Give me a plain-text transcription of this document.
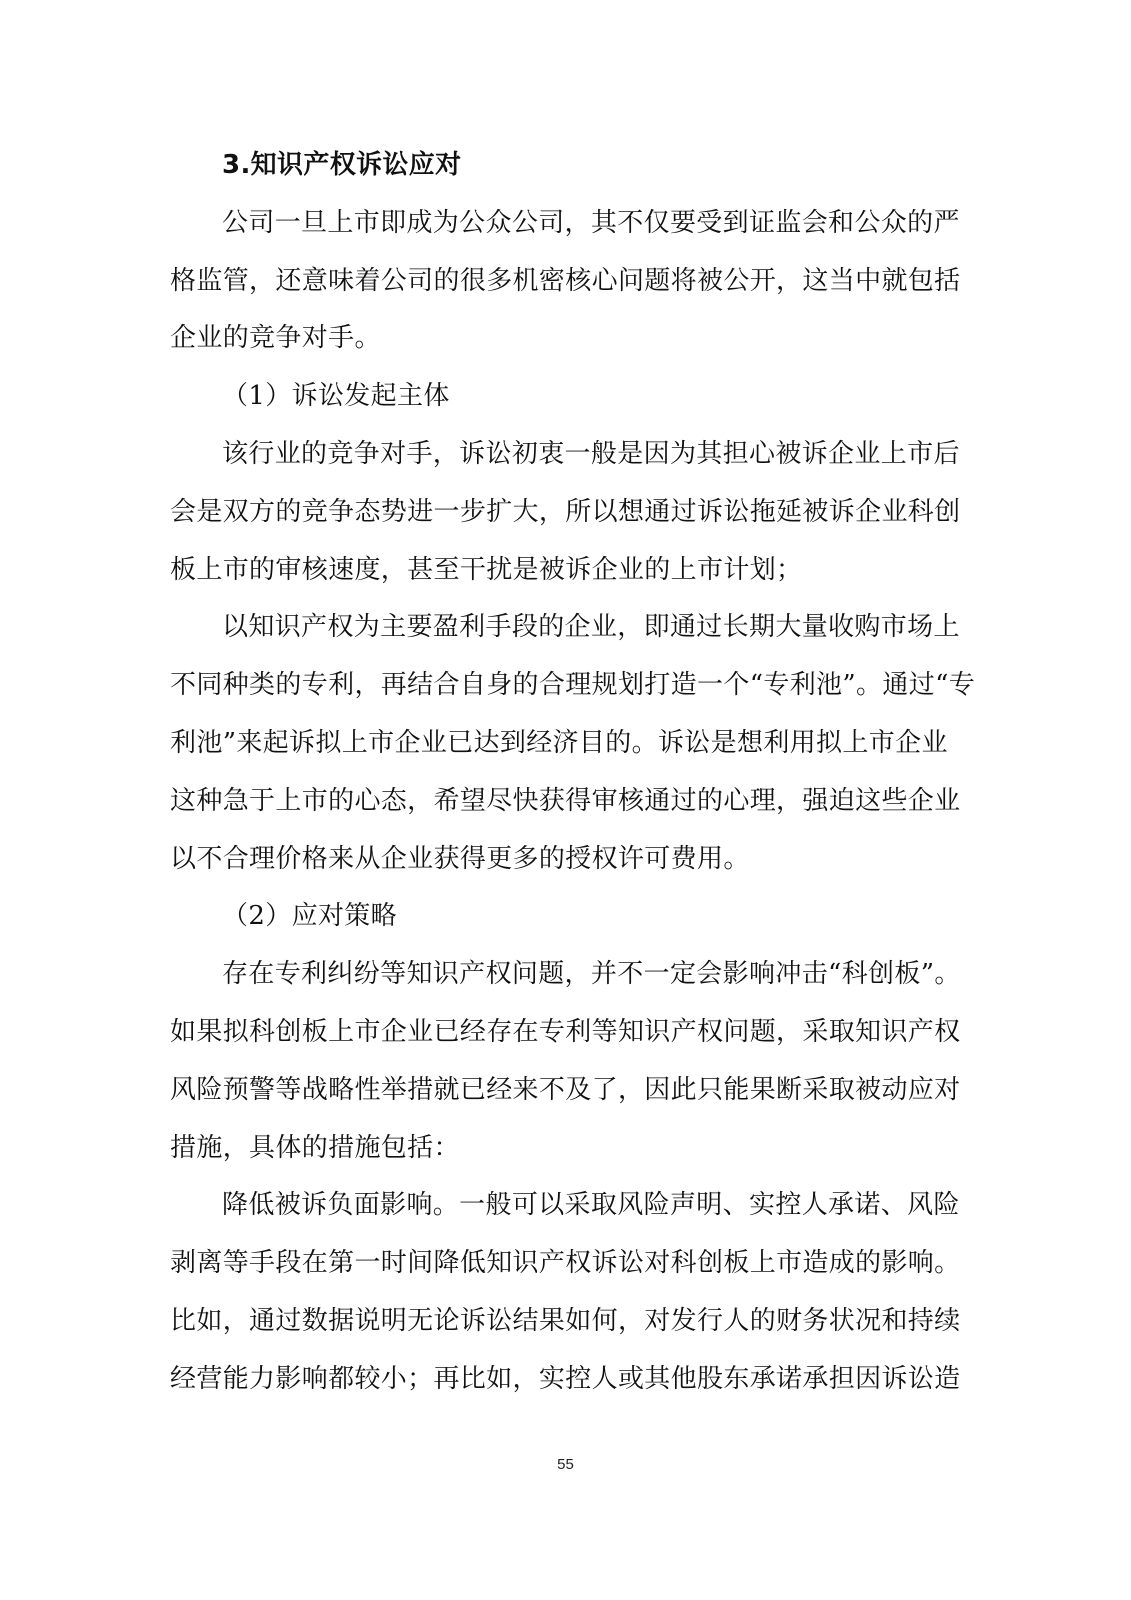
3.知识产权诉讼应对
公司一旦上市即成为公众公司，其不仅要受到证监会和公众的严
格监管，还意味着公司的很多机密核心问题将被公开，这当中就包括
企业的竞争对手。
（1）诉讼发起主体
该行业的竞争对手，诉讼初衷一般是因为其担心被诉企业上市后
会是双方的竞争态势进一步扩大，所以想通过诉讼拖延被诉企业科创
板上市的审核速度，甚至干扰是被诉企业的上市计划；
以知识产权为主要盈利手段的企业，即通过长期大量收购市场上
不同种类的专利，再结合自身的合理规划打造一个“专利池”。通过“专
利池”来起诉拟上市企业已达到经济目的。诉讼是想利用拟上市企业
这种急于上市的心态，希望尽快获得审核通过的心理，强迫这些企业
以不合理价格来从企业获得更多的授权许可费用。
（2）应对策略
存在专利纠纷等知识产权问题，并不一定会影响冲击“科创板”。
如果拟科创板上市企业已经存在专利等知识产权问题，采取知识产权
风险预警等战略性举措就已经来不及了，因此只能果断采取被动应对
措施，具体的措施包括：
降低被诉负面影响。一般可以采取风险声明、实控人承诺、风险
剥离等手段在第一时间降低知识产权诉讼对科创板上市造成的影响。
比如，通过数据说明无论诉讼结果如何，对发行人的财务状况和持续
经营能力影响都较小；再比如，实控人或其他股东承诺承担因诉讼造
55
